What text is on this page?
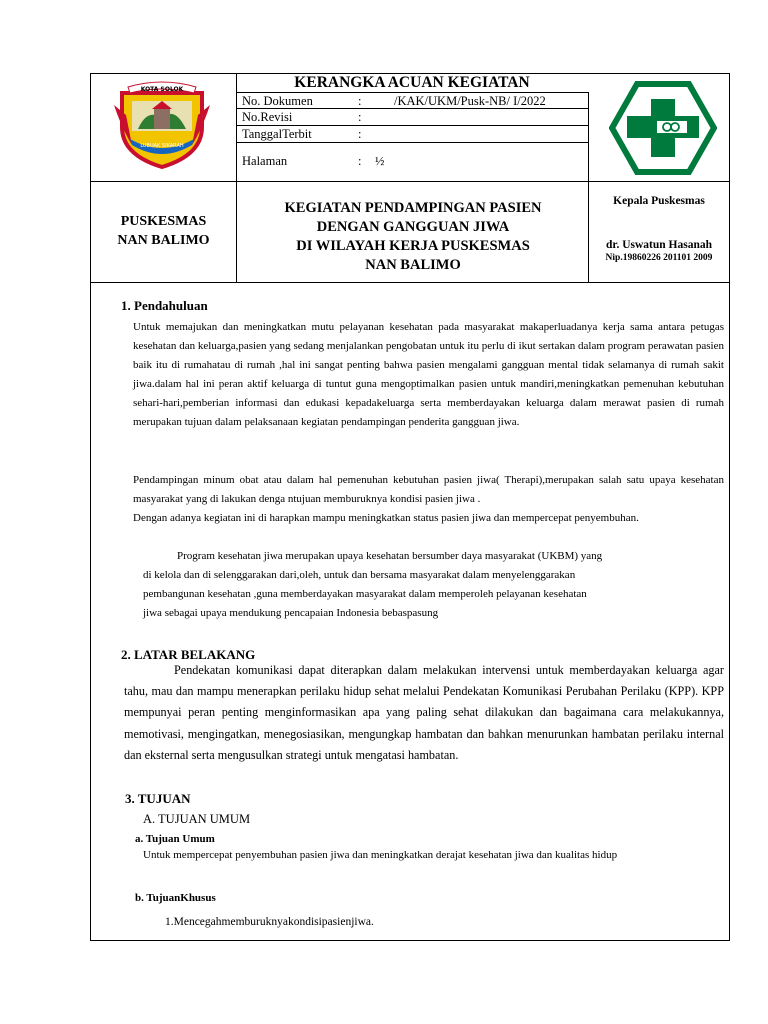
KOTA SOLOK
LUBUAK SIKARAH
KERANGKA ACUAN KEGIATAN
No. Dokumen	:	/KAK/UKM/Pusk-NB/ I/2022
No.Revisi	:
TanggalTerbit	:
Halaman	: ½
PUSKESMAS
NAN BALIMO
KEGIATAN PENDAMPINGAN PASIEN
DENGAN GANGGUAN JIWA
DI WILAYAH KERJA PUSKESMAS
NAN BALIMO
Kepala Puskesmas
dr. Uswatun Hasanah
Nip.19860226 201101 2009
1. Pendahuluan
Untuk memajukan dan meningkatkan mutu pelayanan kesehatan pada masyarakat makaperluadanya kerja sama antara petugas kesehatan dan keluarga,pasien yang sedang menjalankan pengobatan untuk itu perlu di ikut sertakan dalam program perawatan pasien baik itu di rumahatau di rumah ,hal ini sangat penting bahwa pasien mengalami gangguan mental tidak selamanya di rumah sakit jiwa.dalam hal ini peran aktif keluarga di tuntut guna mengoptimalkan pasien untuk mandiri,meningkatkan pemenuhan kebutuhan sehari-hari,pemberian informasi dan edukasi kepadakeluarga serta memberdayakan keluarga dalam merawat pasien di rumah merupakan tujuan dalam pelaksanaan kegiatan pendampingan penderita gangguan jiwa.
Pendampingan minum obat atau dalam hal pemenuhan kebutuhan pasien jiwa( Therapi),merupakan salah satu upaya kesehatan masyarakat yang di lakukan denga ntujuan memburuknya kondisi pasien jiwa .
Dengan adanya kegiatan ini di harapkan mampu meningkatkan status pasien jiwa dan mempercepat penyembuhan.
Program kesehatan jiwa merupakan upaya kesehatan bersumber daya masyarakat (UKBM) yang
di kelola dan di selenggarakan dari,oleh, untuk dan bersama masyarakat dalam menyelenggarakan
pembangunan kesehatan ,guna memberdayakan masyarakat dalam memperoleh pelayanan kesehatan
jiwa sebagai upaya mendukung pencapaian Indonesia bebaspasung
2. LATAR BELAKANG
Pendekatan komunikasi dapat diterapkan dalam melakukan intervensi untuk memberdayakan keluarga agar tahu, mau dan mampu menerapkan perilaku hidup sehat melalui Pendekatan Komunikasi Perubahan Perilaku (KPP). KPP mempunyai peran penting menginformasikan apa yang paling sehat dilakukan dan bagaimana cara melakukannya, memotivasi, mengingatkan, menegosiasikan, mengungkap hambatan dan bahkan menurunkan hambatan perilaku internal dan eksternal serta mengusulkan strategi untuk mengatasi hambatan.
3. TUJUAN
A. TUJUAN UMUM
a. Tujuan Umum
Untuk mempercepat penyembuhan pasien jiwa dan meningkatkan derajat kesehatan jiwa dan kualitas hidup
b. TujuanKhusus
1.Mencegahmemburuknyakondisipasienjiwa.
